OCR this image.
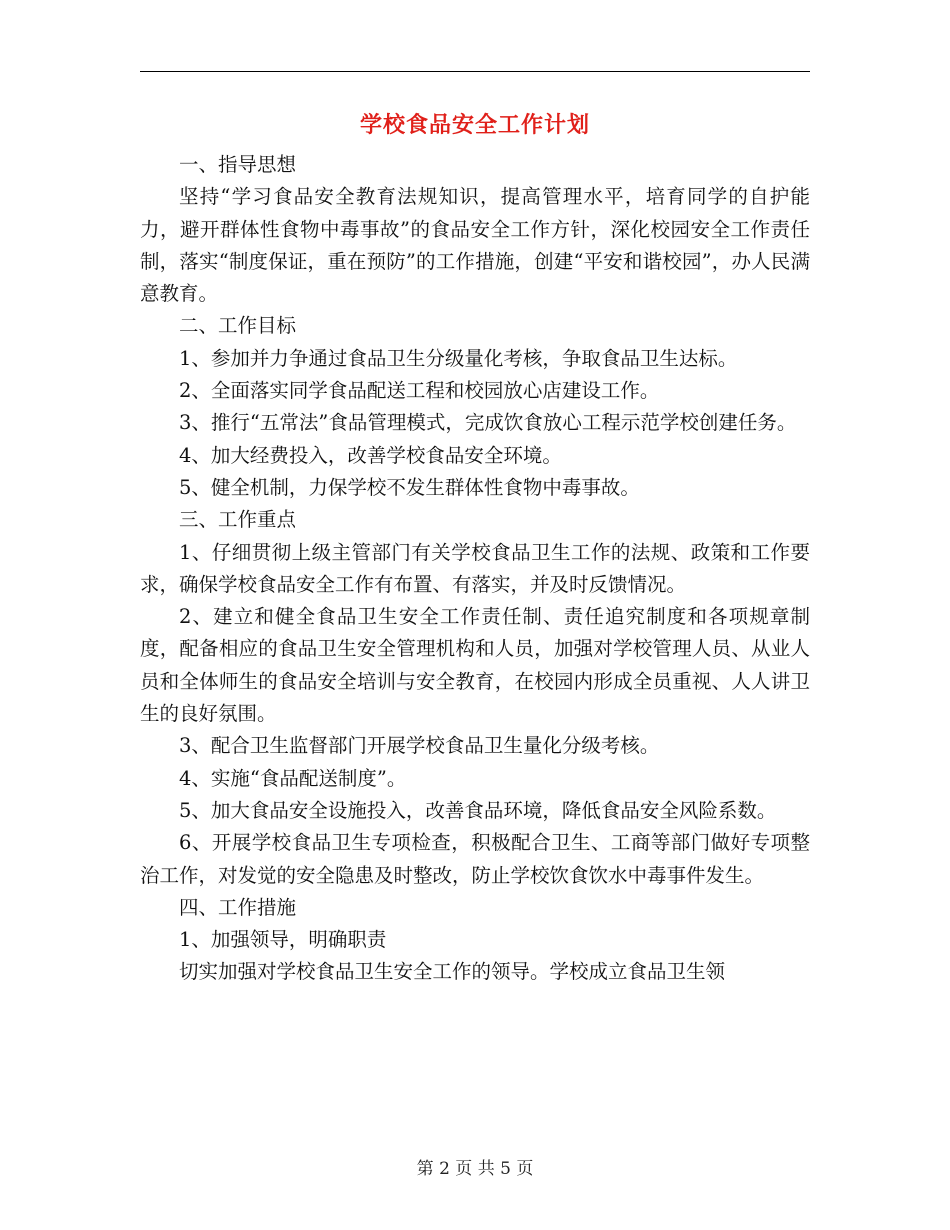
学校食品安全工作计划

一、指导思想

坚持“学习食品安全教育法规知识，提高管理水平，培育同学的自护能力，避开群体性食物中毒事故”的食品安全工作方针，深化校园安全工作责任制，落实“制度保证，重在预防”的工作措施，创建“平安和谐校园”，办人民满意教育。

二、工作目标

1、参加并力争通过食品卫生分级量化考核，争取食品卫生达标。

2、全面落实同学食品配送工程和校园放心店建设工作。

3、推行“五常法”食品管理模式，完成饮食放心工程示范学校创建任务。

4、加大经费投入，改善学校食品安全环境。

5、健全机制，力保学校不发生群体性食物中毒事故。

三、工作重点

1、仔细贯彻上级主管部门有关学校食品卫生工作的法规、政策和工作要求，确保学校食品安全工作有布置、有落实，并及时反馈情况。

2、建立和健全食品卫生安全工作责任制、责任追究制度和各项规章制度，配备相应的食品卫生安全管理机构和人员，加强对学校管理人员、从业人员和全体师生的食品安全培训与安全教育，在校园内形成全员重视、人人讲卫生的良好氛围。

3、配合卫生监督部门开展学校食品卫生量化分级考核。

4、实施“食品配送制度”。

5、加大食品安全设施投入，改善食品环境，降低食品安全风险系数。

6、开展学校食品卫生专项检查，积极配合卫生、工商等部门做好专项整治工作，对发觉的安全隐患及时整改，防止学校饮食饮水中毒事件发生。

四、工作措施

1、加强领导，明确职责

切实加强对学校食品卫生安全工作的领导。学校成立食品卫生领

第 2 页 共 5 页
